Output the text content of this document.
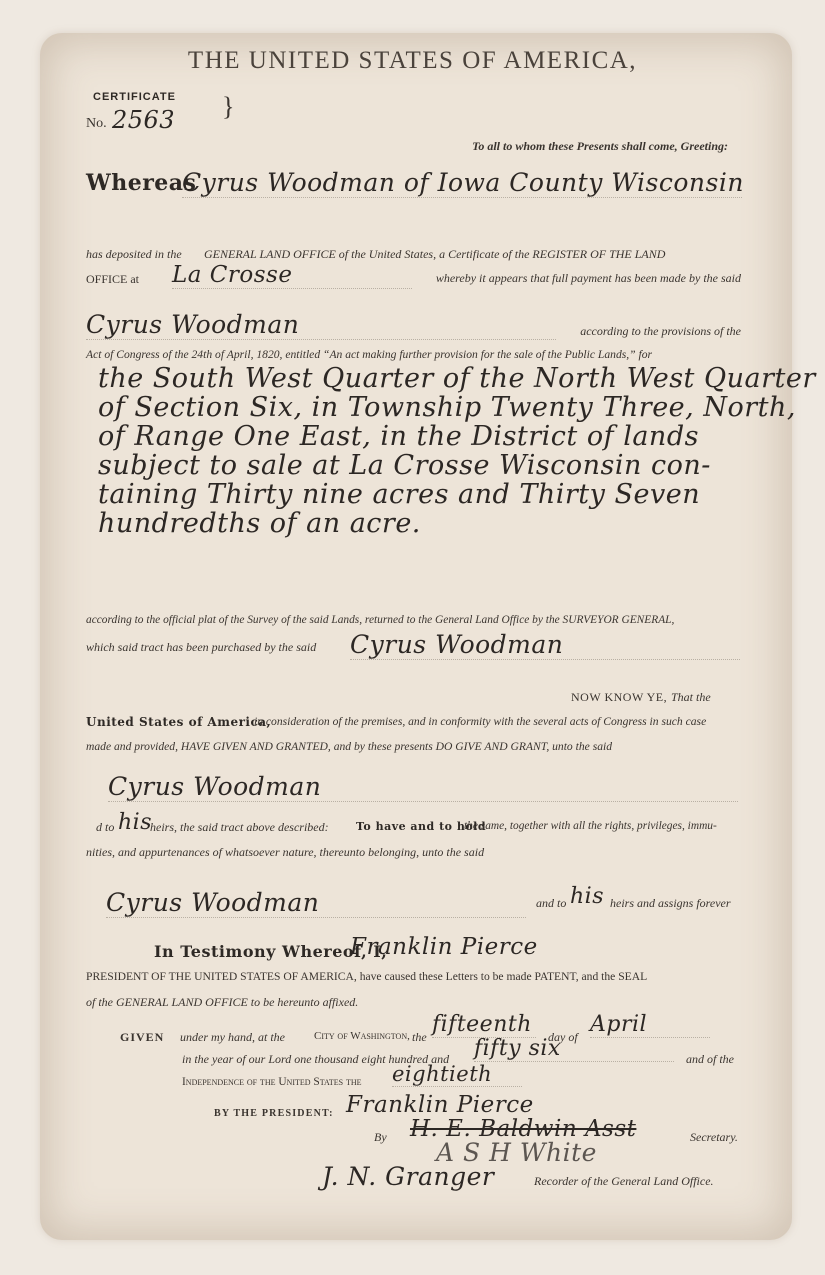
THE UNITED STATES OF AMERICA,
CERTIFICATE
No. 2563 }
To all to whom these Presents shall come, Greeting:
Whereas
Cyrus Woodman of Iowa County Wisconsin
has deposited in the GENERAL LAND OFFICE of the United States, a Certificate of the REGISTER OF THE LAND
OFFICE at La Crosse	whereby it appears that full payment has been made by the said
Cyrus Woodman	according to the provisions of the
Act of Congress of the 24th of April, 1820, entitled “An act making further provision for the sale of the Public Lands,” for
the South West Quarter of the North West Quarter
of Section Six, in Township Twenty Three, North,
of Range One East, in the District of lands
subject to sale at La Crosse Wisconsin con-
taining Thirty nine acres and Thirty Seven
hundredths of an acre.
according to the official plat of the Survey of the said Lands, returned to the General Land Office by the SURVEYOR GENERAL,
which said tract has been purchased by the said Cyrus Woodman
NOW KNOW YE, That the
United States of America,
in consideration of the premises, and in conformity with the several acts of Congress in such case
made and provided, HAVE GIVEN AND GRANTED, and by these presents DO GIVE AND GRANT, unto the said
Cyrus Woodman
d to his
heirs, the said tract above described: To have and to hold
the same, together with all the rights, privileges, immu-
nities, and appurtenances of whatsoever nature, thereunto belonging, unto the said
Cyrus Woodman	and to his heirs and assigns forever
In Testimony Whereof, I,
Franklin Pierce
PRESIDENT OF THE UNITED STATES OF AMERICA, have caused these Letters to be made PATENT, and the SEAL
of the GENERAL LAND OFFICE to be hereunto affixed.
GIVEN under my hand, at the	City of Washington, the fifteenth	day of April
in the year of our Lord one thousand eight hundred and fifty six	and of the
Independence of the United States the eightieth
BY THE PRESIDENT: Franklin Pierce
By H. E. Baldwin Asst	Secretary.
A S H White
J. N. Granger	Recorder of the General Land Office.
